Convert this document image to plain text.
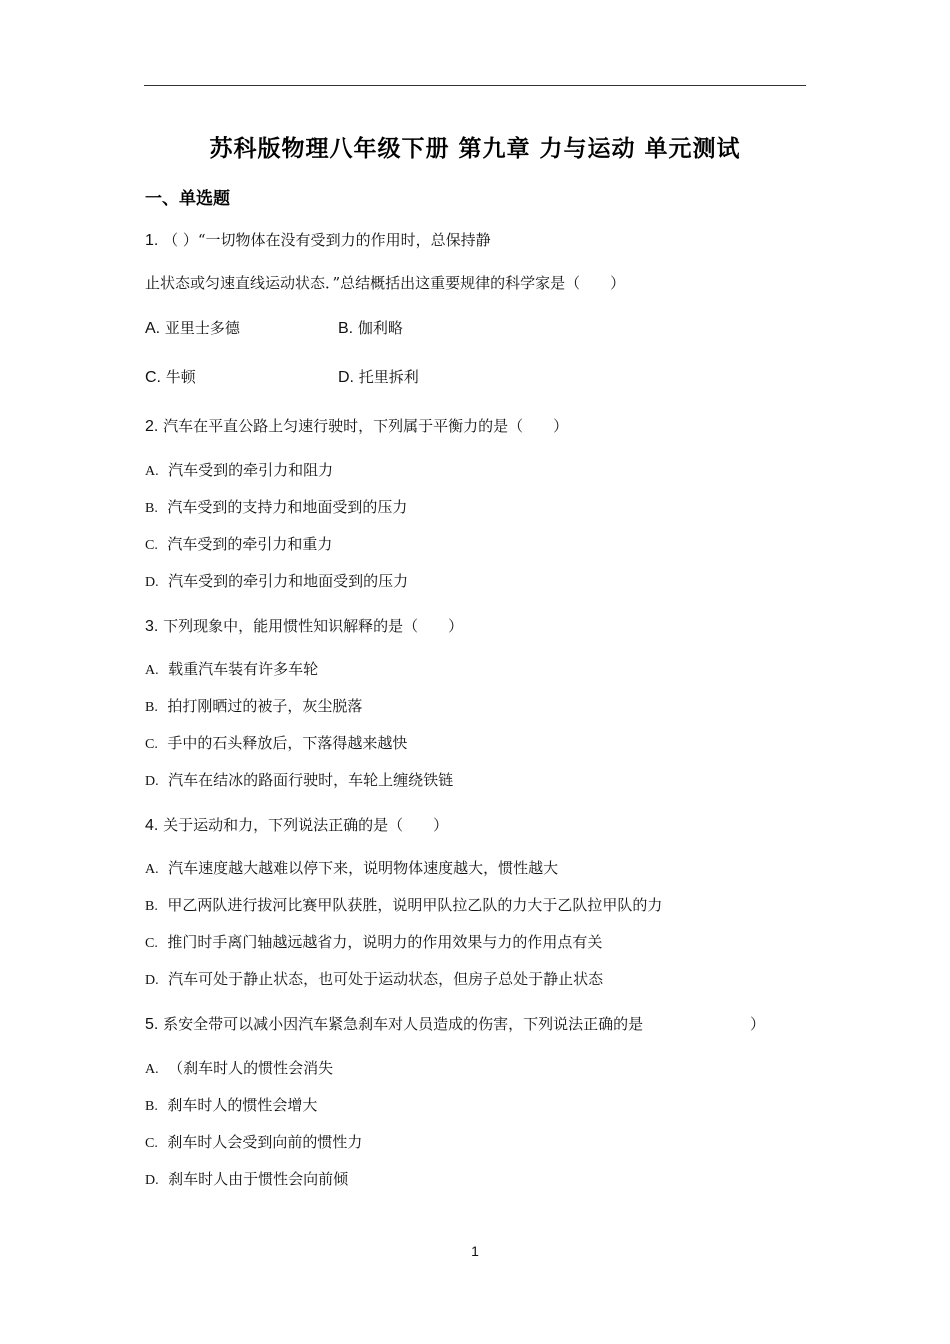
苏科版物理八年级下册 第九章 力与运动 单元测试
一、单选题
1. （ ）“一切物体在没有受到力的作用时，总保持静
止状态或匀速直线运动状态．”总结概括出这重要规律的科学家是（　　）
A. 亚里士多德	B. 伽利略
C. 牛顿	D. 托里拆利
2. 汽车在平直公路上匀速行驶时，下列属于平衡力的是（　　）
A. 汽车受到的牵引力和阻力
B. 汽车受到的支持力和地面受到的压力
C. 汽车受到的牵引力和重力
D. 汽车受到的牵引力和地面受到的压力
3. 下列现象中，能用惯性知识解释的是（　　）
A. 载重汽车装有许多车轮
B. 拍打刚晒过的被子，灰尘脱落
C. 手中的石头释放后，下落得越来越快
D. 汽车在结冰的路面行驶时，车轮上缠绕铁链
4. 关于运动和力，下列说法正确的是（　　）
A. 汽车速度越大越难以停下来，说明物体速度越大，惯性越大
B. 甲乙两队进行拔河比赛甲队获胜，说明甲队拉乙队的力大于乙队拉甲队的力
C. 推门时手离门轴越远越省力，说明力的作用效果与力的作用点有关
D. 汽车可处于静止状态，也可处于运动状态，但房子总处于静止状态
5. 系安全带可以减小因汽车紧急刹车对人员造成的伤害，下列说法正确的是	）
A. （刹车时人的惯性会消失
B. 刹车时人的惯性会增大
C. 刹车时人会受到向前的惯性力
D. 刹车时人由于惯性会向前倾
1
